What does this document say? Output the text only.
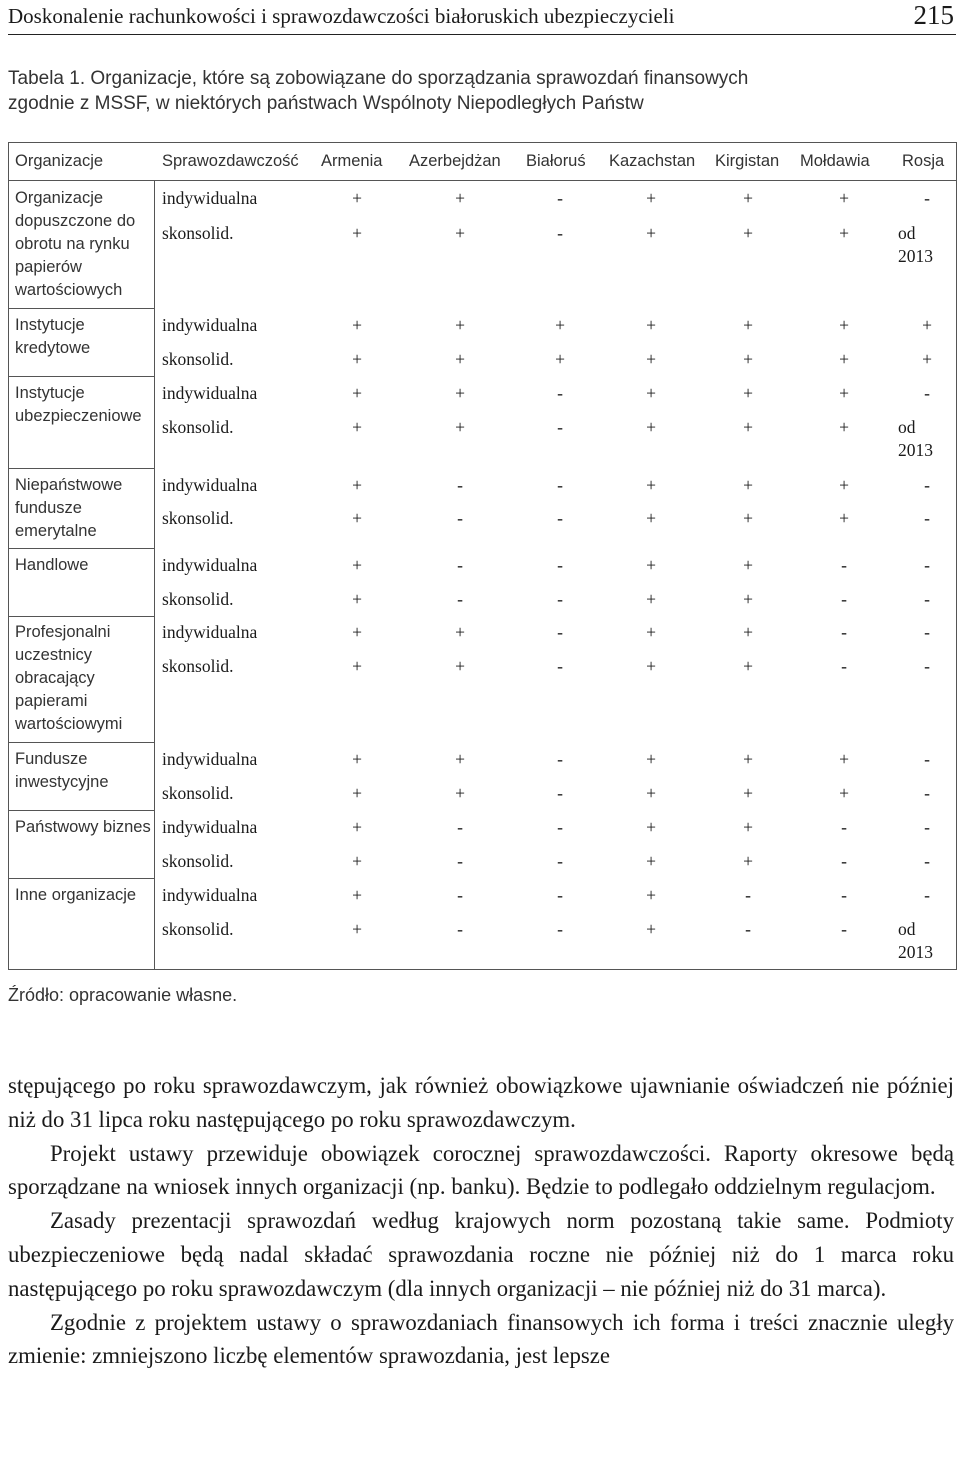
Doskonalenie rachunkowości i sprawozdawczości białoruskich ubezpieczycieli	215
Tabela 1. Organizacje, które są zobowiązane do sporządzania sprawozdań finansowych
zgodnie z MSSF, w niektórych państwach Wspólnoty Niepodległych Państw
Organizacje	Sprawozdawczość Armenia Azerbejdżan Białoruś Kazachstan Kirgistan Mołdawia Rosja
Organizacje dopuszczone do obrotu na rynku papierów wartościowych
indywidualna	+	+	-	+	+	+	-
skonsolid.	+	+	-	+	+	+	od
2013
Instytucje kredytowe
indywidualna	+	+	+	+	+	+	+
skonsolid.	+	+	+	+	+	+	+
Instytucje ubezpieczeniowe
indywidualna	+	+	-	+	+	+	-
skonsolid.	+	+	-	+	+	+	od
2013
Niepaństwowe fundusze emerytalne
indywidualna	+	-	-	+	+	+	-
skonsolid.	+	-	-	+	+	+	-
Handlowe	indywidualna	+	-	-	+	+	-	-
skonsolid.	+	-	-	+	+	-	-
Profesjonalni uczestnicy obracający papierami wartościowymi
indywidualna	+	+	-	+	+	-	-
skonsolid.	+	+	-	+	+	-	-
Fundusze inwestycyjne
indywidualna	+	+	-	+	+	+	-
skonsolid.	+	+	-	+	+	+	-
Państwowy biznes indywidualna	+	-	-	+	+	-	-
skonsolid.	+	-	-	+	+	-	-
Inne organizacje	indywidualna	+	-	-	+	-	-	-
skonsolid.	+	-	-	+	-	-	od
2013
Źródło: opracowanie własne.

stępującego po roku sprawozdawczym, jak również obowiązkowe ujawnianie oświadczeń nie później niż do 31 lipca roku następującego po roku sprawozdawczym.

Projekt ustawy przewiduje obowiązek corocznej sprawozdawczości. Raporty okresowe będą sporządzane na wniosek innych organizacji (np. banku). Będzie to podlegało oddzielnym regulacjom.

Zasady prezentacji sprawozdań według krajowych norm pozostaną takie same. Podmioty ubezpieczeniowe będą nadal składać sprawozdania roczne nie później niż do 1 marca roku następującego po roku sprawozdawczym (dla innych organizacji – nie później niż do 31 marca).

Zgodnie z projektem ustawy o sprawozdaniach finansowych ich forma i treści znacznie uległy zmienie: zmniejszono liczbę elementów sprawozdania, jest lepsze
